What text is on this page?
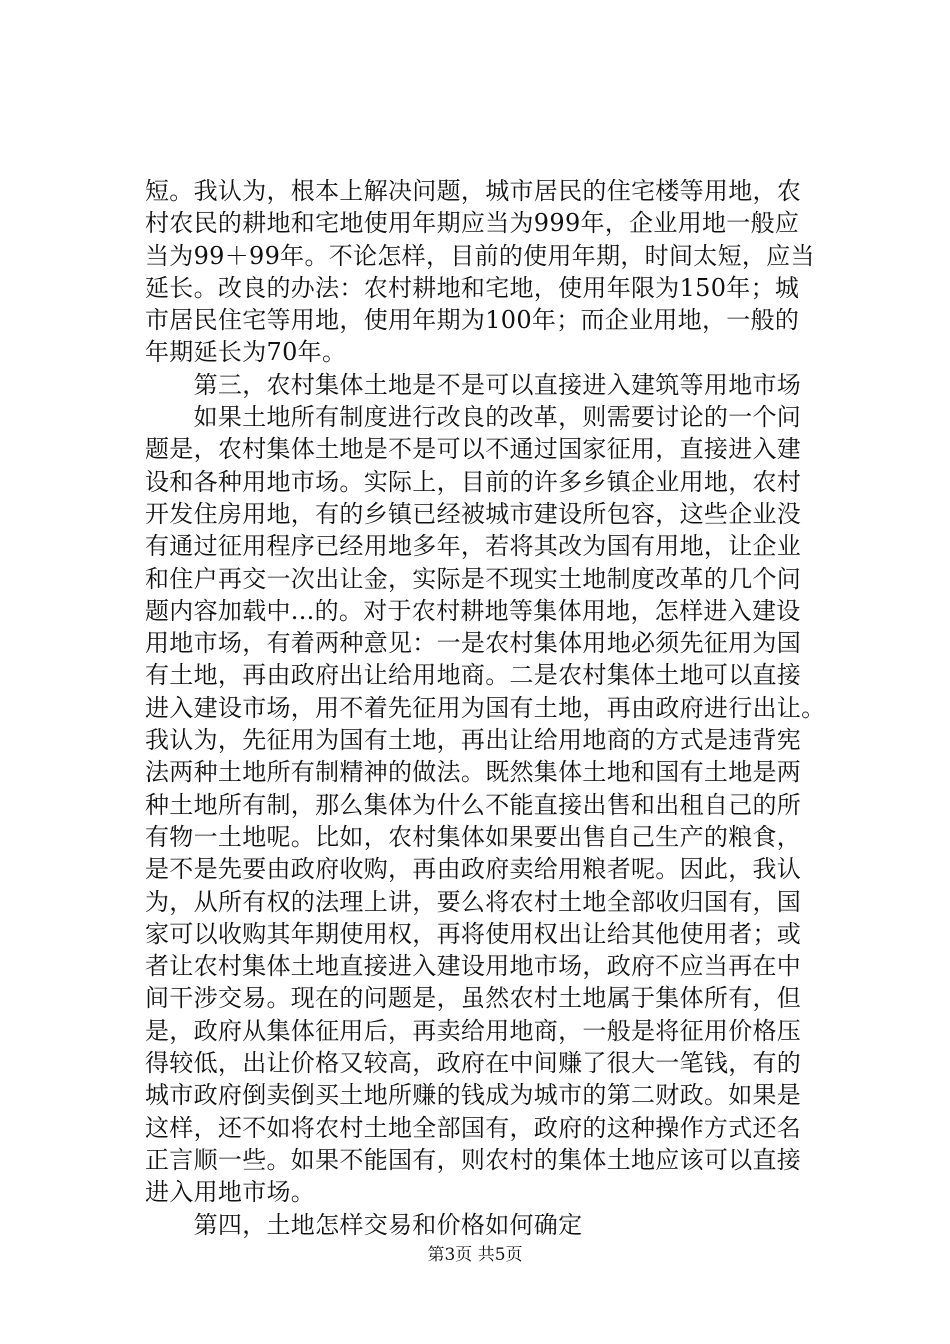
短。我认为，根本上解决问题，城市居民的住宅楼等用地，农
村农民的耕地和宅地使用年期应当为999年，企业用地一般应
当为99＋99年。不论怎样，目前的使用年期，时间太短，应当
延长。改良的办法：农村耕地和宅地，使用年限为150年；城
市居民住宅等用地，使用年期为100年；而企业用地，一般的
年期延长为70年。
　　第三，农村集体土地是不是可以直接进入建筑等用地市场
　　如果土地所有制度进行改良的改革，则需要讨论的一个问
题是，农村集体土地是不是可以不通过国家征用，直接进入建
设和各种用地市场。实际上，目前的许多乡镇企业用地，农村
开发住房用地，有的乡镇已经被城市建设所包容，这些企业没
有通过征用程序已经用地多年，若将其改为国有用地，让企业
和住户再交一次出让金，实际是不现实土地制度改革的几个问
题内容加载中...的。对于农村耕地等集体用地，怎样进入建设
用地市场，有着两种意见：一是农村集体用地必须先征用为国
有土地，再由政府出让给用地商。二是农村集体土地可以直接
进入建设市场，用不着先征用为国有土地，再由政府进行出让。
我认为，先征用为国有土地，再出让给用地商的方式是违背宪
法两种土地所有制精神的做法。既然集体土地和国有土地是两
种土地所有制，那么集体为什么不能直接出售和出租自己的所
有物一土地呢。比如，农村集体如果要出售自己生产的粮食，
是不是先要由政府收购，再由政府卖给用粮者呢。因此，我认
为，从所有权的法理上讲，要么将农村土地全部收归国有，国
家可以收购其年期使用权，再将使用权出让给其他使用者；或
者让农村集体土地直接进入建设用地市场，政府不应当再在中
间干涉交易。现在的问题是，虽然农村土地属于集体所有，但
是，政府从集体征用后，再卖给用地商，一般是将征用价格压
得较低，出让价格又较高，政府在中间赚了很大一笔钱，有的
城市政府倒卖倒买土地所赚的钱成为城市的第二财政。如果是
这样，还不如将农村土地全部国有，政府的这种操作方式还名
正言顺一些。如果不能国有，则农村的集体土地应该可以直接
进入用地市场。
　　第四，土地怎样交易和价格如何确定
第3页 共5页
